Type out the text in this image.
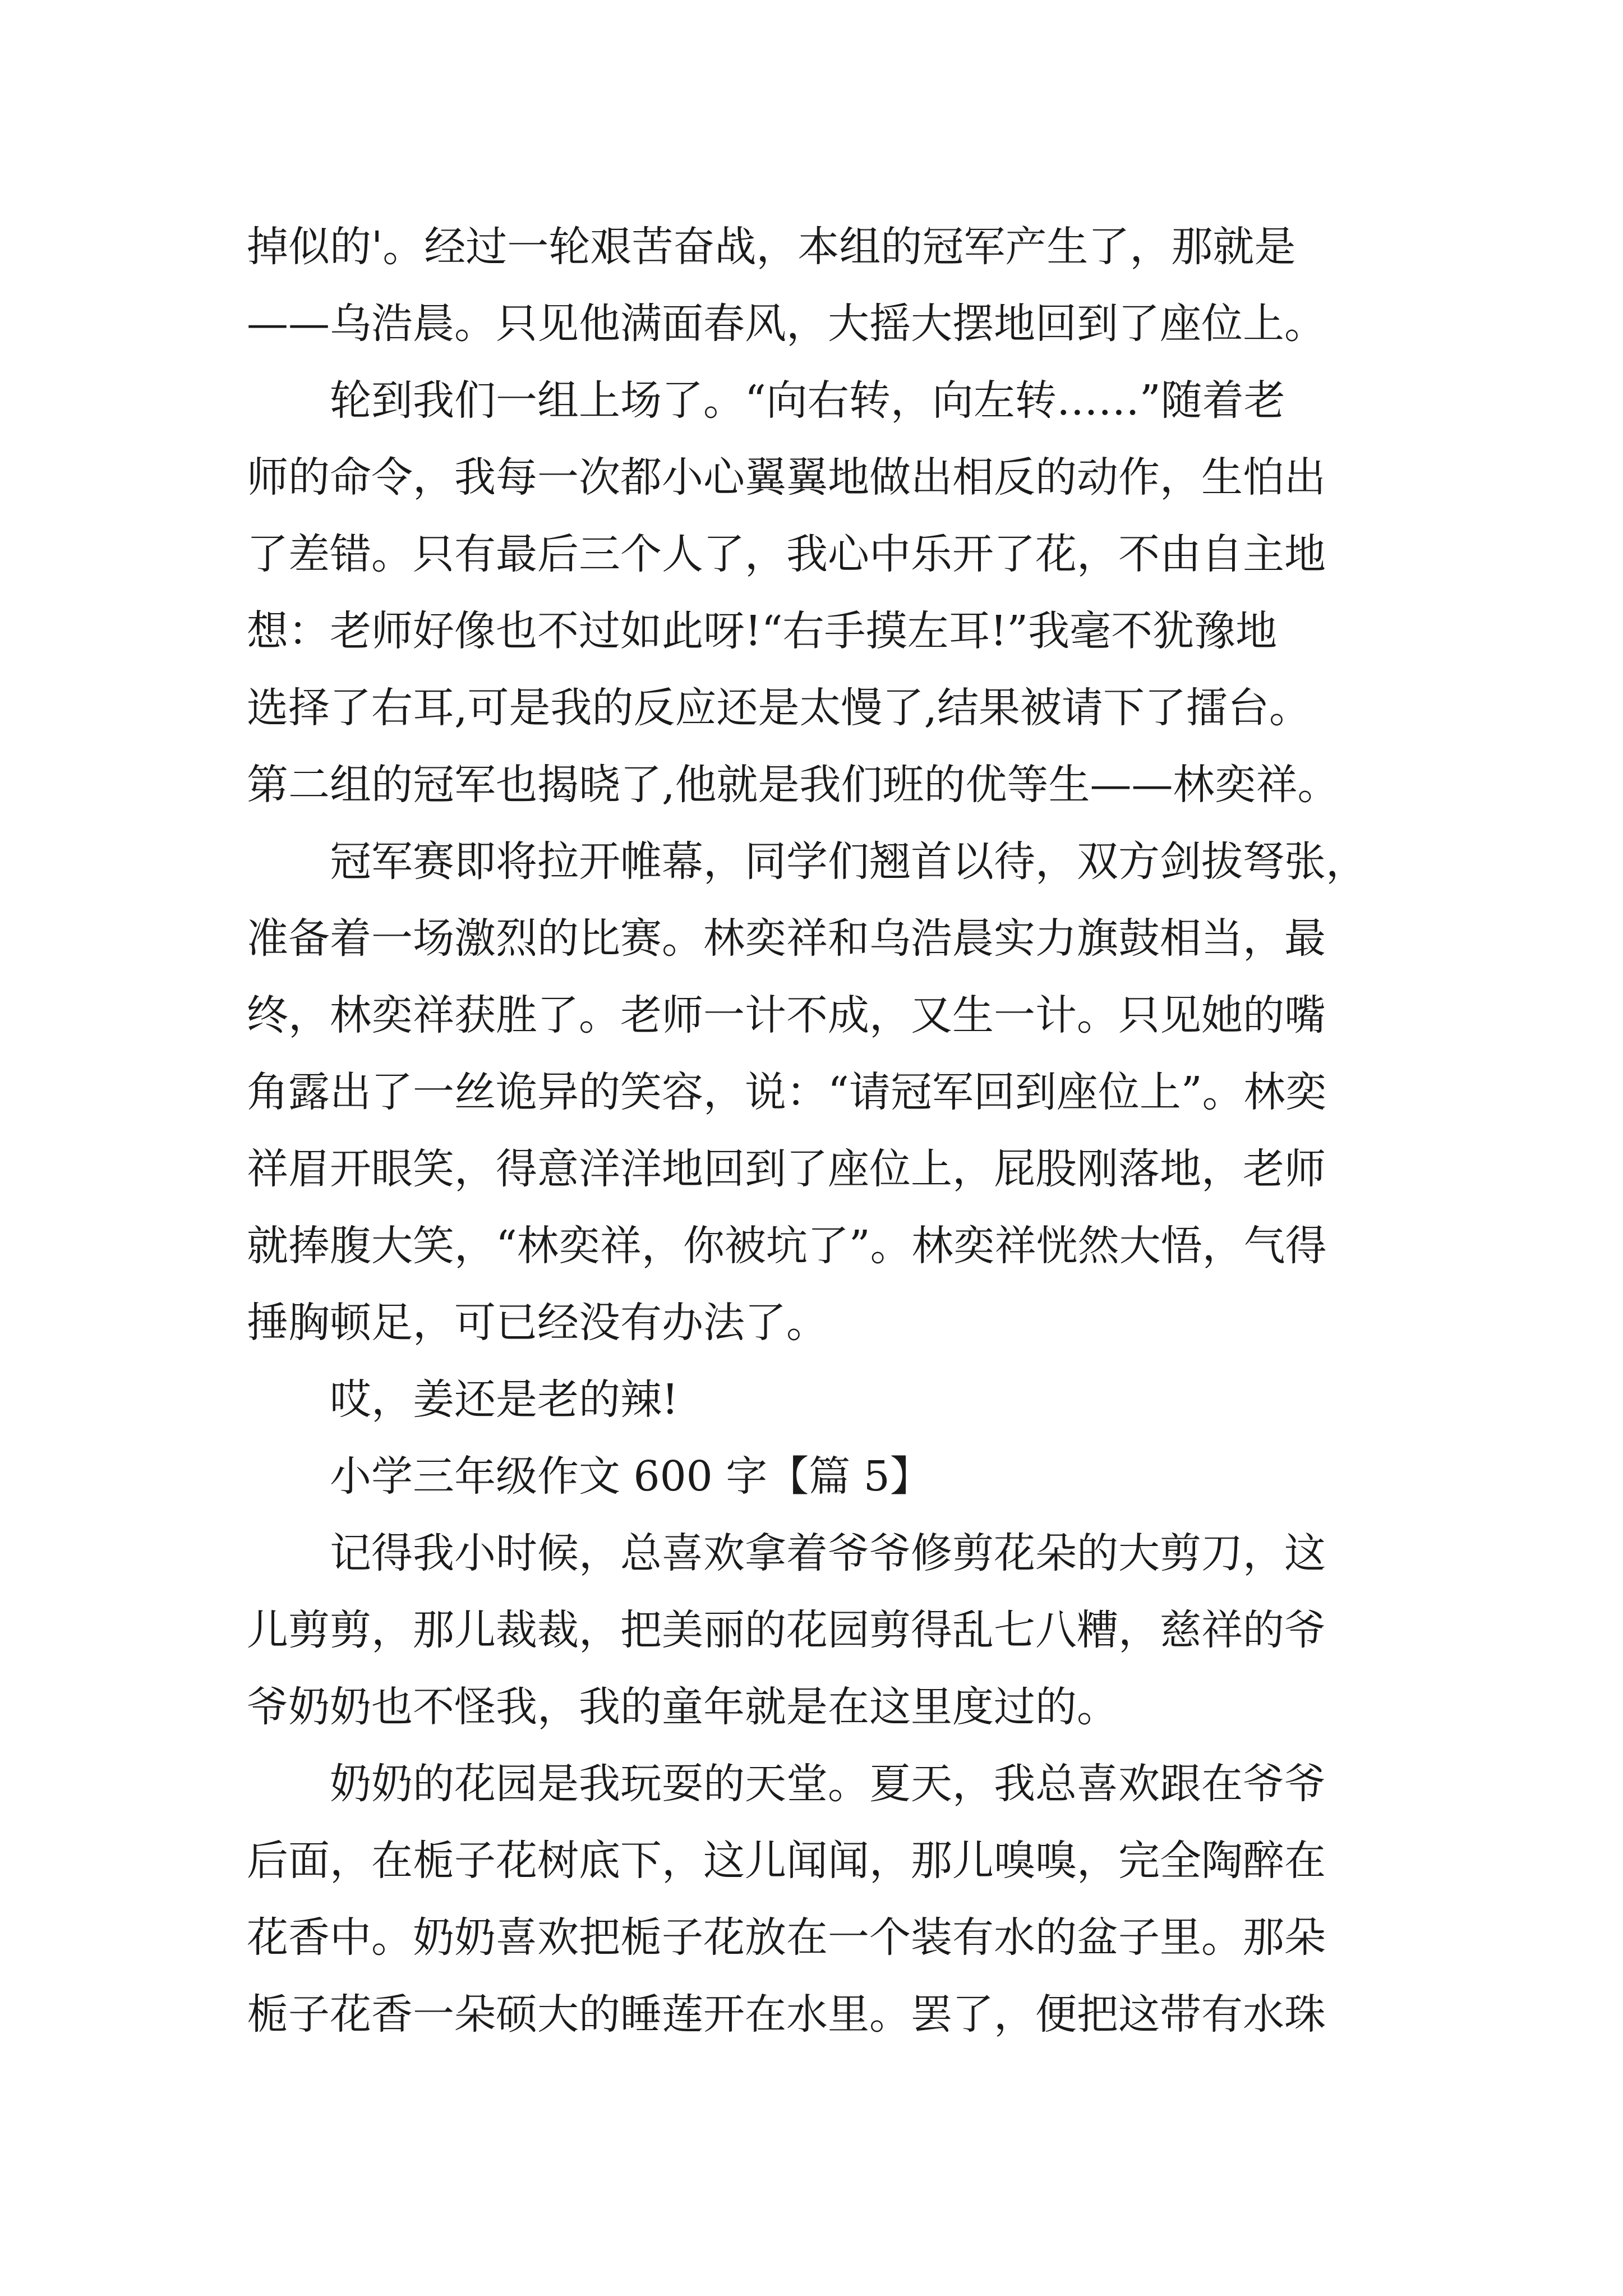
掉似的'。经过一轮艰苦奋战，本组的冠军产生了，那就是
——乌浩晨。只见他满面春风，大摇大摆地回到了座位上。
轮到我们一组上场了。“向右转，向左转……”随着老
师的命令，我每一次都小心翼翼地做出相反的动作，生怕出
了差错。只有最后三个人了，我心中乐开了花，不由自主地
想：老师好像也不过如此呀!“右手摸左耳!”我毫不犹豫地
选择了右耳,可是我的反应还是太慢了,结果被请下了擂台。
第二组的冠军也揭晓了,他就是我们班的优等生——林奕祥。
冠军赛即将拉开帷幕，同学们翘首以待，双方剑拔弩张，
准备着一场激烈的比赛。林奕祥和乌浩晨实力旗鼓相当，最
终，林奕祥获胜了。老师一计不成，又生一计。只见她的嘴
角露出了一丝诡异的笑容，说：“请冠军回到座位上”。林奕
祥眉开眼笑，得意洋洋地回到了座位上，屁股刚落地，老师
就捧腹大笑，“林奕祥，你被坑了”。林奕祥恍然大悟，气得
捶胸顿足，可已经没有办法了。
哎，姜还是老的辣!
小学三年级作文 600 字【篇 5】
记得我小时候，总喜欢拿着爷爷修剪花朵的大剪刀，这
儿剪剪，那儿裁裁，把美丽的花园剪得乱七八糟，慈祥的爷
爷奶奶也不怪我，我的童年就是在这里度过的。
奶奶的花园是我玩耍的天堂。夏天，我总喜欢跟在爷爷
后面，在栀子花树底下，这儿闻闻，那儿嗅嗅，完全陶醉在
花香中。奶奶喜欢把栀子花放在一个装有水的盆子里。那朵
栀子花香一朵硕大的睡莲开在水里。罢了，便把这带有水珠
